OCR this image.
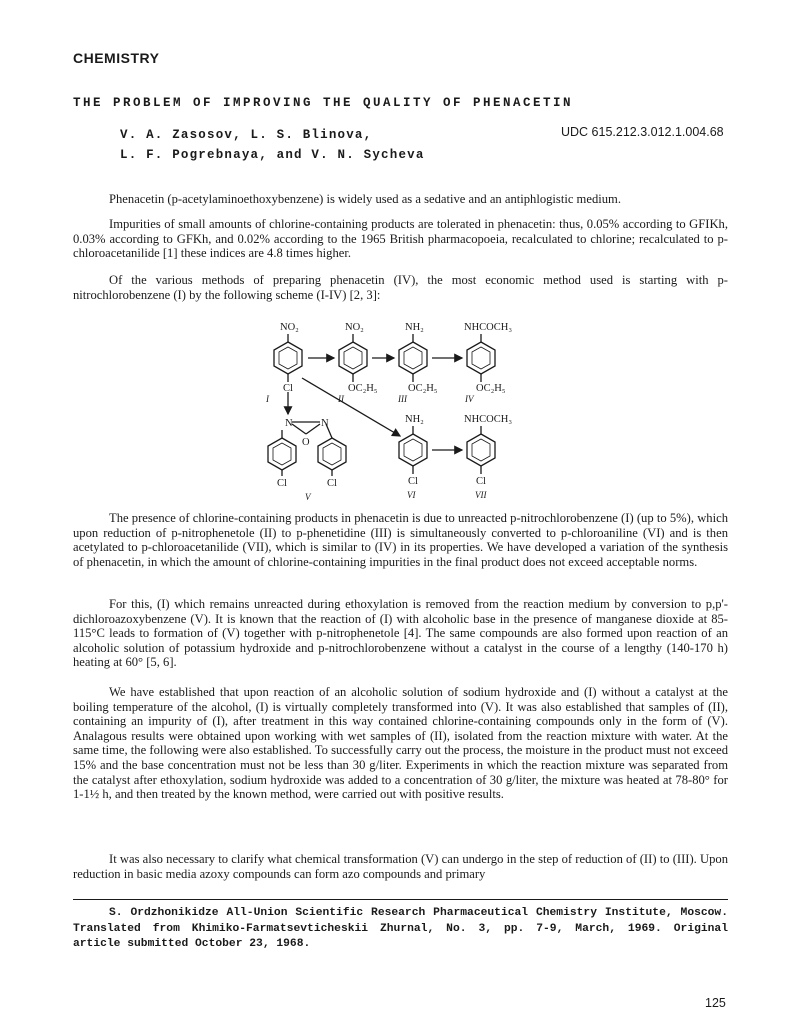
CHEMISTRY
THE PROBLEM OF IMPROVING THE QUALITY OF PHENACETIN
V. A. Zasosov, L. S. Blinova,
L. F. Pogrebnaya, and V. N. Sycheva
UDC 615.212.3.012.1.004.68

Phenacetin (p-acetylaminoethoxybenzene) is widely used as a sedative and an antiphlogistic medium.

Impurities of small amounts of chlorine-containing products are tolerated in phenacetin: thus, 0.05% according to GFIKh, 0.03% according to GFKh, and 0.02% according to the 1965 British pharmacopoeia, recalculated to chlorine; recalculated to p-chloroacetanilide [1] these indices are 4.8 times higher.

Of the various methods of preparing phenacetin (IV), the most economic method used is starting with p-nitrochlorobenzene (I) by the following scheme (I-IV) [2, 3]:

NO₂	NO₂	NH₂	NHCOCH₃
Cl	OC₂H₅	OC₂H₅	OC₂H₅
N	N
O
Cl	Cl
NH₂	NHCOCH₃
Cl	Cl
I	II	III	IV
V	VI	VII

The presence of chlorine-containing products in phenacetin is due to unreacted p-nitrochlorobenzene (I) (up to 5%), which upon reduction of p-nitrophenetole (II) to p-phenetidine (III) is simultaneously converted to p-chloroaniline (VI) and is then acetylated to p-chloroacetanilide (VII), which is similar to (IV) in its properties. We have developed a variation of the synthesis of phenacetin, in which the amount of chlorine-containing impurities in the final product does not exceed acceptable norms.

For this, (I) which remains unreacted during ethoxylation is removed from the reaction medium by conversion to p,p'-dichloroazoxybenzene (V). It is known that the reaction of (I) with alcoholic base in the presence of manganese dioxide at 85-115°C leads to formation of (V) together with p-nitrophenetole [4]. The same compounds are also formed upon reaction of an alcoholic solution of potassium hydroxide and p-nitrochlorobenzene without a catalyst in the course of a lengthy (140-170 h) heating at 60° [5, 6].

We have established that upon reaction of an alcoholic solution of sodium hydroxide and (I) without a catalyst at the boiling temperature of the alcohol, (I) is virtually completely transformed into (V). It was also established that samples of (II), containing an impurity of (I), after treatment in this way contained chlorine-containing compounds only in the form of (V). Analagous results were obtained upon working with wet samples of (II), isolated from the reaction mixture with water. At the same time, the following were also established. To successfully carry out the process, the moisture in the product must not exceed 15% and the base concentration must not be less than 30 g/liter. Experiments in which the reaction mixture was separated from the catalyst after ethoxylation, sodium hydroxide was added to a concentration of 30 g/liter, the mixture was heated at 78-80° for 1-1½ h, and then treated by the known method, were carried out with positive results.

It was also necessary to clarify what chemical transformation (V) can undergo in the step of reduction of (II) to (III). Upon reduction in basic media azoxy compounds can form azo compounds and primary

S. Ordzhonikidze All-Union Scientific Research Pharmaceutical Chemistry Institute, Moscow. Translated from Khimiko-Farmatsevticheskii Zhurnal, No. 3, pp. 7-9, March, 1969. Original article submitted October 23, 1968.

125
